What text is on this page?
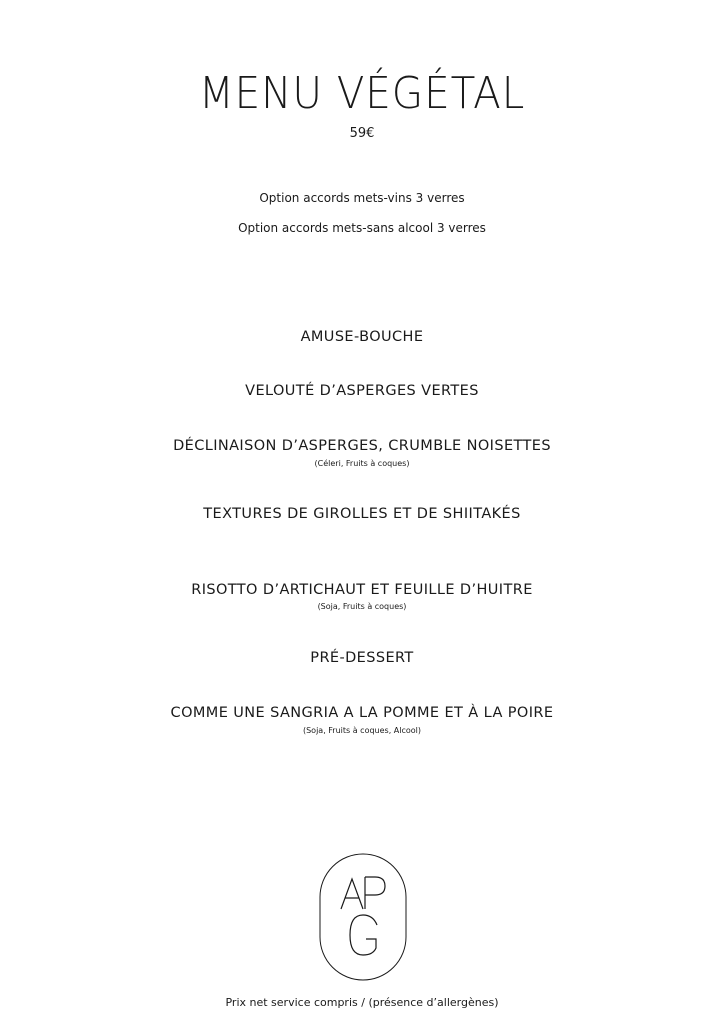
MENU VÉGÉTAL
59€
Option accords mets-vins 3 verres
Option accords mets-sans alcool 3 verres
AMUSE-BOUCHE
VELOUTÉ D’ASPERGES VERTES
DÉCLINAISON D’ASPERGES, CRUMBLE NOISETTES
(Céleri, Fruits à coques)
TEXTURES DE GIROLLES ET DE SHIITAKÉS
RISOTTO D’ARTICHAUT ET FEUILLE D’HUITRE
(Soja, Fruits à coques)
PRÉ-DESSERT
COMME UNE SANGRIA A LA POMME ET À LA POIRE
(Soja, Fruits à coques, Alcool)
Prix net service compris / (présence d’allergènes)
